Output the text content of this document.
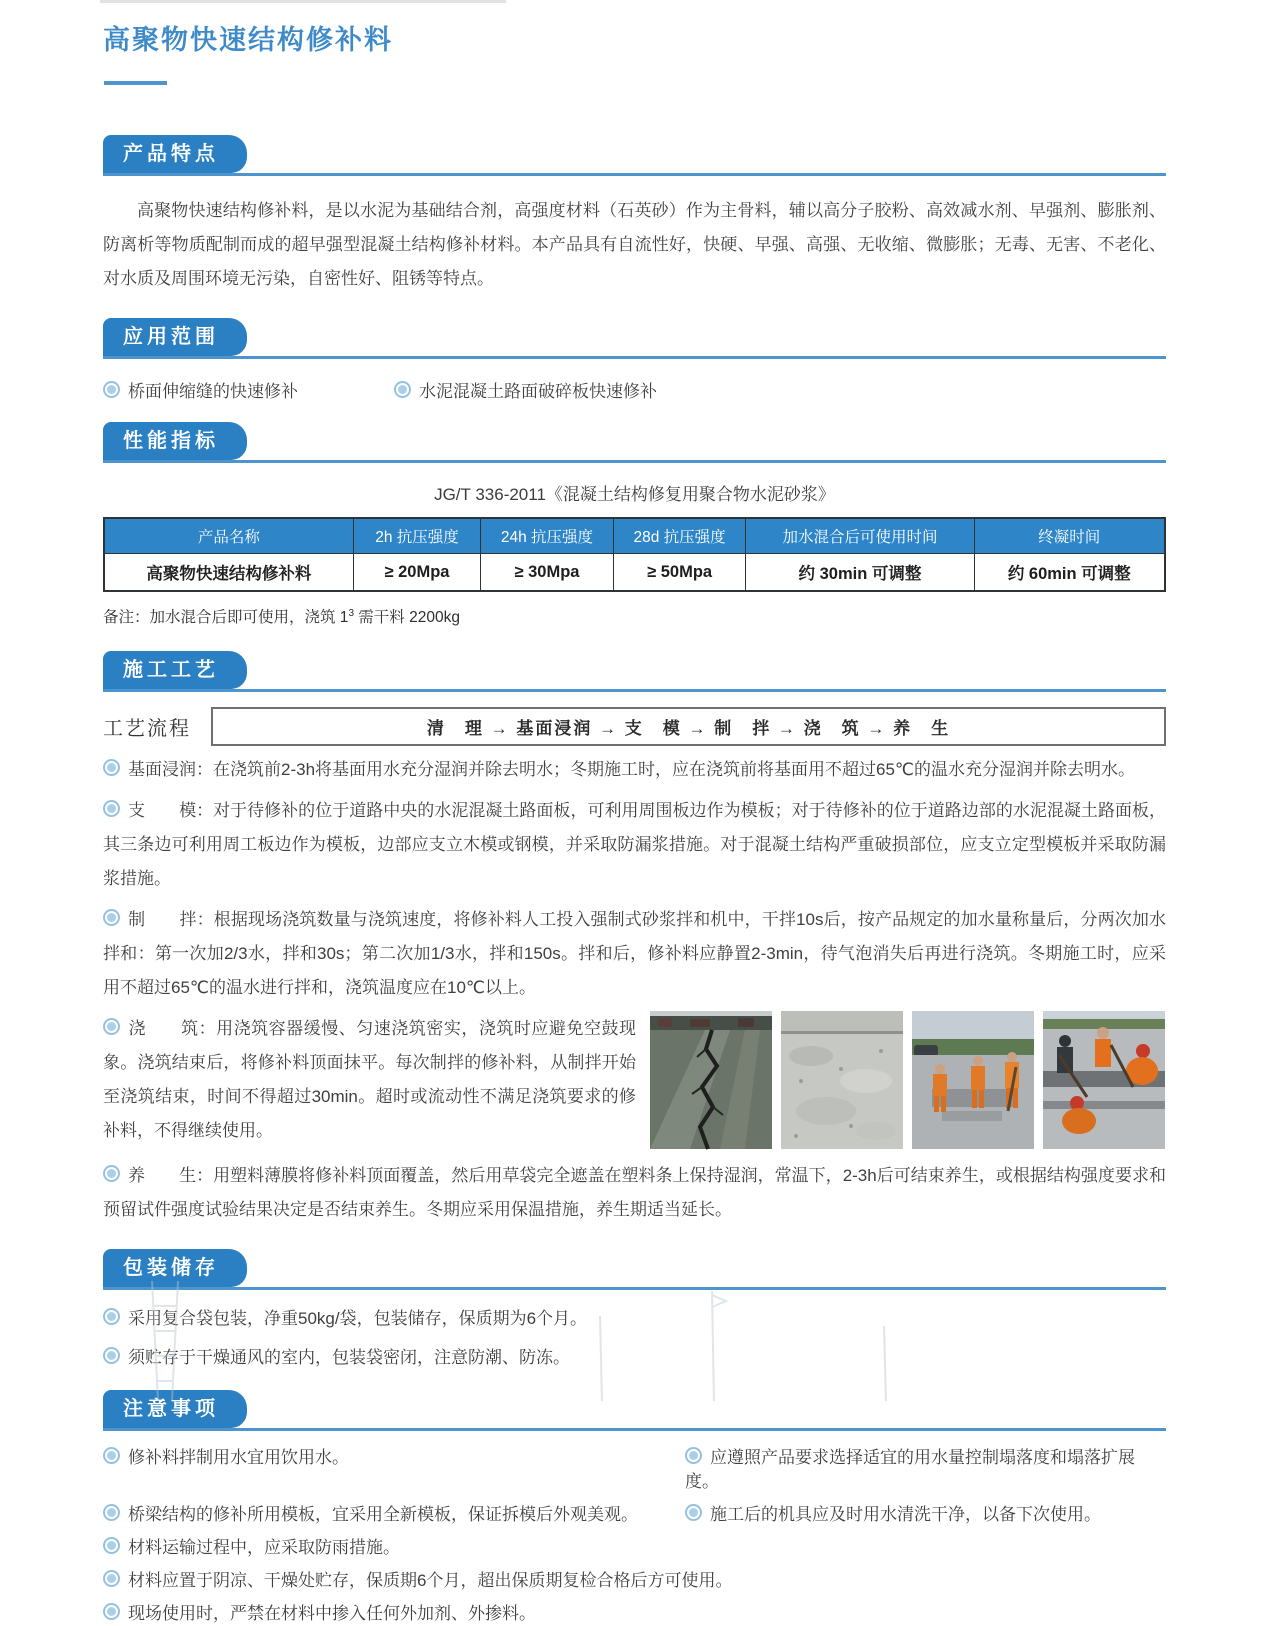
高聚物快速结构修补料
产品特点

高聚物快速结构修补料，是以水泥为基础结合剂，高强度材料（石英砂）作为主骨料，辅以高分子胶粉、高效减水剂、早强剂、膨胀剂、防离析等物质配制而成的超早强型混凝土结构修补材料。本产品具有自流性好，快硬、早强、高强、无收缩、微膨胀；无毒、无害、不老化、对水质及周围环境无污染，自密性好、阻锈等特点。

应用范围
桥面伸缩缝的快速修补	水泥混凝土路面破碎板快速修补
性能指标
JG/T 336-2011《混凝土结构修复用聚合物水泥砂浆》
产品名称	2h 抗压强度	24h 抗压强度	28d 抗压强度	加水混合后可使用时间	终凝时间
高聚物快速结构修补料	≥ 20Mpa	≥ 30Mpa	≥ 50Mpa	约 30min 可调整	约 60min 可调整
备注：加水混合后即可使用，浇筑 $1^3$ 需干料 2200kg
施工工艺
工艺流程	清　理 → 基面浸润 → 支　模 → 制　拌 → 浇　筑 → 养　生

基面浸润：在浇筑前2-3h将基面用水充分湿润并除去明水；冬期施工时，应在浇筑前将基面用不超过65℃的温水充分湿润并除去明水。

支　　模：对于待修补的位于道路中央的水泥混凝土路面板，可利用周围板边作为模板；对于待修补的位于道路边部的水泥混凝土路面板，其三条边可利用周工板边作为模板，边部应支立木模或钢模，并采取防漏浆措施。对于混凝土结构严重破损部位，应支立定型模板并采取防漏浆措施。

制　　拌：根据现场浇筑数量与浇筑速度，将修补料人工投入强制式砂浆拌和机中，干拌10s后，按产品规定的加水量称量后，分两次加水拌和：第一次加2/3水，拌和30s；第二次加1/3水，拌和150s。拌和后，修补料应静置2-3min，待气泡消失后再进行浇筑。冬期施工时，应采用不超过65℃的温水进行拌和，浇筑温度应在10℃以上。

浇　　筑：用浇筑容器缓慢、匀速浇筑密实，浇筑时应避免空鼓现象。浇筑结束后，将修补料顶面抹平。每次制拌的修补料，从制拌开始至浇筑结束，时间不得超过30min。超时或流动性不满足浇筑要求的修补料，不得继续使用。

养　　生：用塑料薄膜将修补料顶面覆盖，然后用草袋完全遮盖在塑料条上保持湿润，常温下，2-3h后可结束养生，或根据结构强度要求和预留试件强度试验结果决定是否结束养生。冬期应采用保温措施，养生期适当延长。

包装储存

采用复合袋包装，净重50kg/袋，包装储存，保质期为6个月。

须贮存于干燥通风的室内，包装袋密闭，注意防潮、防冻。

注意事项
修补料拌制用水宜用饮用水。	应遵照产品要求选择适宜的用水量控制塌落度和塌落扩展度。
桥梁结构的修补所用模板，宜采用全新模板，保证拆模后外观美观。	施工后的机具应及时用水清洗干净，以备下次使用。
材料运输过程中，应采取防雨措施。
材料应置于阴凉、干燥处贮存，保质期6个月，超出保质期复检合格后方可使用。
现场使用时，严禁在材料中掺入任何外加剂、外掺料。
